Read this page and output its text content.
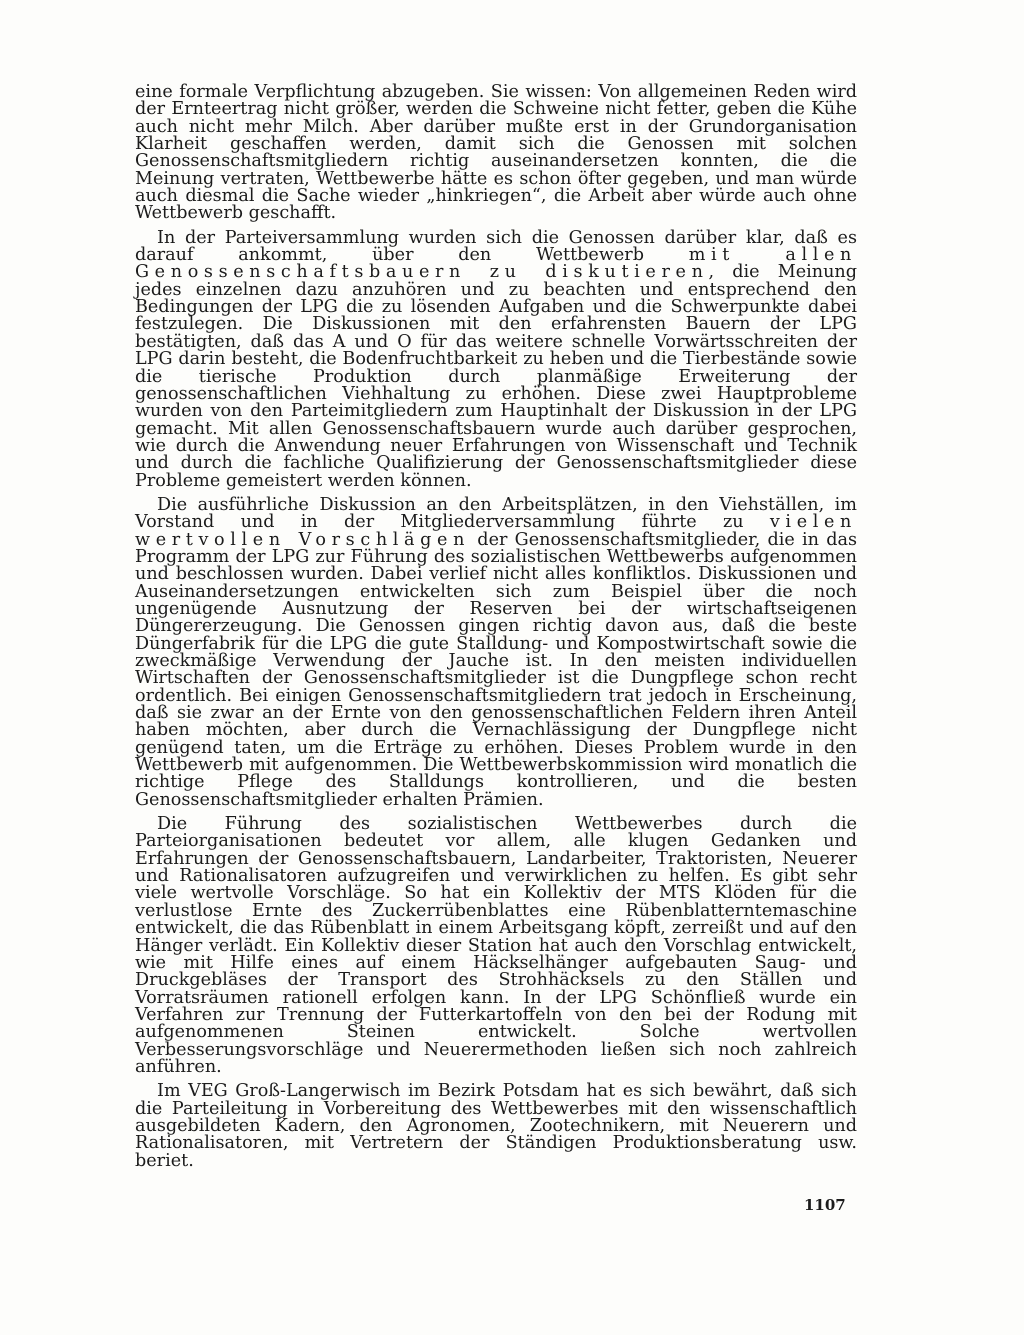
eine formale Verpflichtung abzugeben. Sie wissen: Von allgemeinen Reden wird der Ernteertrag nicht größer, werden die Schweine nicht fetter, geben die Kühe auch nicht mehr Milch. Aber darüber mußte erst in der Grundorganisation Klarheit geschaffen werden, damit sich die Genossen mit solchen Genossenschaftsmitgliedern richtig auseinandersetzen konnten, die die Meinung vertraten, Wettbewerbe hätte es schon öfter gegeben, und man würde auch diesmal die Sache wieder „hinkriegen“, die Arbeit aber würde auch ohne Wettbewerb geschafft.

In der Parteiversammlung wurden sich die Genossen darüber klar, daß es darauf ankommt, über den Wettbewerb mit allen Genossenschaftsbauern zu diskutieren, die Meinung jedes einzelnen dazu anzuhören und zu beachten und entsprechend den Bedingungen der LPG die zu lösenden Aufgaben und die Schwerpunkte dabei festzulegen. Die Diskussionen mit den erfahrensten Bauern der LPG bestätigten, daß das A und O für das weitere schnelle Vorwärtsschreiten der LPG darin besteht, die Bodenfruchtbarkeit zu heben und die Tierbestände sowie die tierische Produktion durch planmäßige Erweiterung der genossenschaftlichen Viehhaltung zu erhöhen. Diese zwei Hauptprobleme wurden von den Parteimitgliedern zum Hauptinhalt der Diskussion in der LPG gemacht. Mit allen Genossenschaftsbauern wurde auch darüber gesprochen, wie durch die Anwendung neuer Erfahrungen von Wissenschaft und Technik und durch die fachliche Qualifizierung der Genossenschaftsmitglieder diese Probleme gemeistert werden können.

Die ausführliche Diskussion an den Arbeitsplätzen, in den Viehställen, im Vorstand und in der Mitgliederversammlung führte zu vielen wertvollen Vorschlägen der Genossenschaftsmitglieder, die in das Programm der LPG zur Führung des sozialistischen Wettbewerbs aufgenommen und beschlossen wurden. Dabei verlief nicht alles konfliktlos. Diskussionen und Auseinandersetzungen entwickelten sich zum Beispiel über die noch ungenügende Ausnutzung der Reserven bei der wirtschaftseigenen Düngererzeugung. Die Genossen gingen richtig davon aus, daß die beste Düngerfabrik für die LPG die gute Stalldung- und Kompostwirtschaft sowie die zweckmäßige Verwendung der Jauche ist. In den meisten individuellen Wirtschaften der Genossenschaftsmitglieder ist die Dungpflege schon recht ordentlich. Bei einigen Genossenschaftsmitgliedern trat jedoch in Erscheinung, daß sie zwar an der Ernte von den genossenschaftlichen Feldern ihren Anteil haben möchten, aber durch die Vernachlässigung der Dungpflege nicht genügend taten, um die Erträge zu erhöhen. Dieses Problem wurde in den Wettbewerb mit aufgenommen. Die Wettbewerbskommission wird monatlich die richtige Pflege des Stalldungs kontrollieren, und die besten Genossenschaftsmitglieder erhalten Prämien.

Die Führung des sozialistischen Wettbewerbes durch die Parteiorganisationen bedeutet vor allem, alle klugen Gedanken und Erfahrungen der Genossenschaftsbauern, Landarbeiter, Traktoristen, Neuerer und Rationalisatoren aufzugreifen und verwirklichen zu helfen. Es gibt sehr viele wertvolle Vorschläge. So hat ein Kollektiv der MTS Klöden für die verlustlose Ernte des Zuckerrübenblattes eine Rübenblatterntemaschine entwickelt, die das Rübenblatt in einem Arbeitsgang köpft, zerreißt und auf den Hänger verlädt. Ein Kollektiv dieser Station hat auch den Vorschlag entwickelt, wie mit Hilfe eines auf einem Häckselhänger aufgebauten Saug- und Druckgebläses der Transport des Strohhäcksels zu den Ställen und Vorratsräumen rationell erfolgen kann. In der LPG Schönfließ wurde ein Verfahren zur Trennung der Futterkartoffeln von den bei der Rodung mit aufgenommenen Steinen entwickelt. Solche wertvollen Verbesserungsvorschläge und Neuerermethoden ließen sich noch zahlreich anführen.

Im VEG Groß-Langerwisch im Bezirk Potsdam hat es sich bewährt, daß sich die Parteileitung in Vorbereitung des Wettbewerbes mit den wissenschaftlich ausgebildeten Kadern, den Agronomen, Zootechnikern, mit Neuerern und Rationalisatoren, mit Vertretern der Ständigen Produktionsberatung usw. beriet.

1107
